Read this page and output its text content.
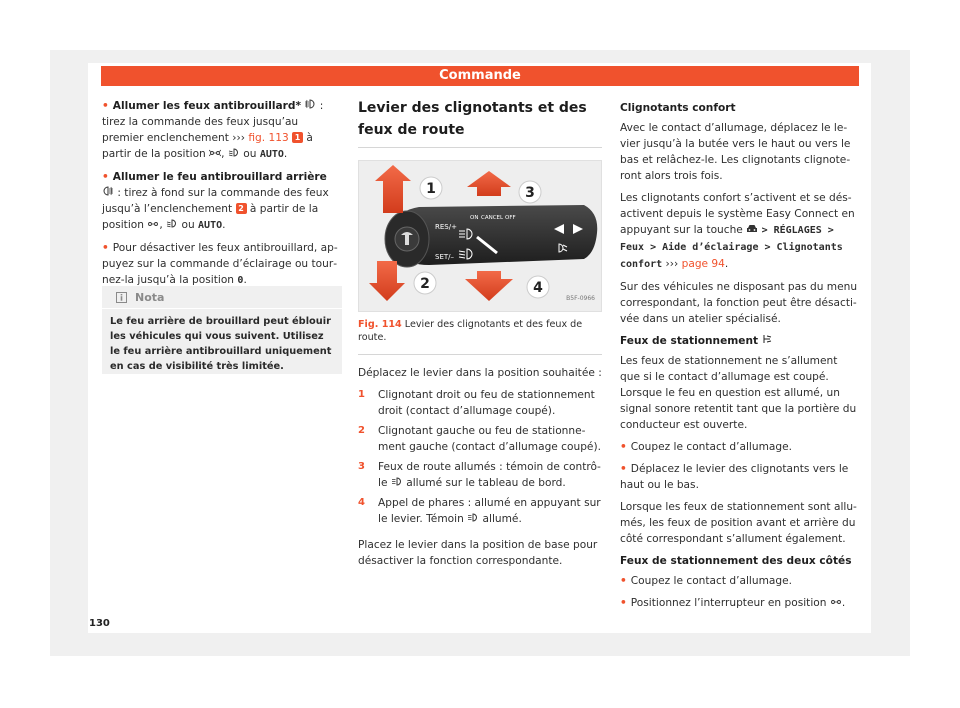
Commande

• Allumer les feux antibrouillard*  : tirez la commande des feux jusqu’au premier enclenchement ››› fig. 113 1 à partir de la position ,  ou AUTO.

• Allumer le feu antibrouillard arrière  : tirez à fond sur la commande des feux jusqu’à l’enclenchement 2 à partir de la position ,  ou AUTO.

• Pour désactiver les feux antibrouillard, appuyez sur la commande d’éclairage ou tournez-la jusqu’à la position 0.

Nota
Le feu arrière de brouillard peut éblouir les véhicules qui vous suivent. Utilisez le feu arrière antibrouillard uniquement en cas de visibilité très limitée.
Levier des clignotants et des feux de route
RES/+
SET/–
ON CANCEL OFF
1
2
3
4
B5F-0966
Fig. 114 Levier des clignotants et des feux de route.

Déplacez le levier dans la position souhaitée :

1	Clignotant droit ou feu de stationnement droit (contact d’allumage coupé).
2	Clignotant gauche ou feu de stationnement gauche (contact d’allumage coupé).
3	Feux de route allumés : témoin de contrôle  allumé sur le tableau de bord.
4	Appel de phares : allumé en appuyant sur le levier. Témoin  allumé.

Placez le levier dans la position de base pour désactiver la fonction correspondante.

Clignotants confort

Avec le contact d’allumage, déplacez le levier jusqu’à la butée vers le haut ou vers le bas et relâchez-le. Les clignotants clignoteront alors trois fois.

Les clignotants confort s’activent et se désactivent depuis le système Easy Connect en appuyant sur la touche  > RÉGLAGES > Feux > Aide d’éclairage > Clignotants confort ››› page 94.

Sur des véhicules ne disposant pas du menu correspondant, la fonction peut être désactivée dans un atelier spécialisé.

Feux de stationnement

Les feux de stationnement ne s’allument que si le contact d’allumage est coupé. Lorsque le feu en question est allumé, un signal sonore retentit tant que la portière du conducteur est ouverte.

• Coupez le contact d’allumage.

• Déplacez le levier des clignotants vers le haut ou le bas.

Lorsque les feux de stationnement sont allumés, les feux de position avant et arrière du côté correspondant s’allument également.

Feux de stationnement des deux côtés

• Coupez le contact d’allumage.

• Positionnez l’interrupteur en position .

130
